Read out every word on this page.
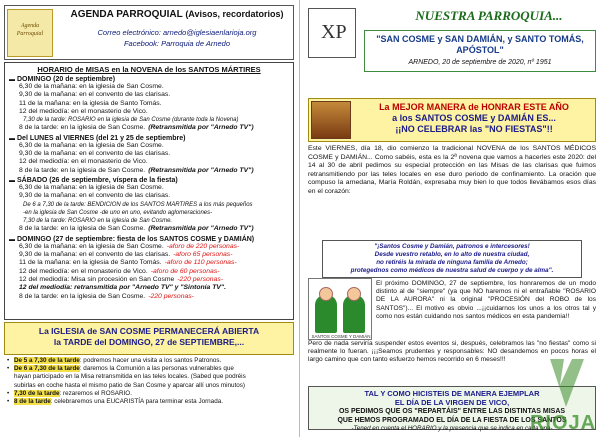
Agenda Parroquial
AGENDA PARROQUIAL (Avisos, recordatorios)
Correo electrónico: arnedo@iglesiaenlarioja.org
Facebook: Parroquia de Arnedo
HORARIO de MISAS en la NOVENA de los SANTOS MÁRTIRES
▬ DOMINGO (20 de septiembre)
6,30 de la mañana: en la iglesia de San Cosme.
9,30 de la mañana: en el convento de las clarisas.
11 de la mañana: en la iglesia de Santo Tomás.
12 del mediodía: en el monasterio de Vico.
7,30 de la tarde: ROSARIO en la iglesia de San Cosme (durante toda la Novena)
8 de la tarde: en la iglesia de San Cosme. (Retransmitida por "Arnedo TV")
▬ Del LUNES al VIERNES (del 21 y 25 de septiembre)
6,30 de la mañana: en la iglesia de San Cosme.
9,30 de la mañana: en el convento de las clarisas.
12 del mediodía: en el monasterio de Vico.
8 de la tarde: en la iglesia de San Cosme. (Retransmitida por "Arnedo TV")
▬ SÁBADO (26 de septiembre, víspera de la fiesta)
6,30 de la mañana: en la iglesia de San Cosme.
9,30 de la mañana: en el convento de las clarisas.
De 6 a 7,30 de la tarde: BENDICIÓN de los SANTOS MÁRTIRES a los más pequeños
-en la iglesia de San Cosme -de uno en uno, evitando aglomeraciones-
7,30 de la tarde: ROSARIO en la iglesia de San Cosme.
8 de la tarde: en la iglesia de San Cosme. (Retransmitida por "Arnedo TV")
▬ DOMINGO (27 de septiembre: fiesta de los SANTOS COSME y DAMIÁN)
6,30 de la mañana: en la iglesia de San Cosme. -aforo de 220 personas-
9,30 de la mañana: en el convento de las clarisas. -aforo 65 personas-
11 de la mañana: en la iglesia de Santo Tomás. -aforo de 110 personas-
12 del mediodía: en el monasterio de Vico. -aforo de 60 personas-
12 del mediodía: Misa sin procesión en San Cosme -220 personas-
12 del mediodía: retransmitida por "Arnedo TV" y "Sintonía TV".
8 de la tarde: en la iglesia de San Cosme. -220 personas-
La IGLESIA de SAN COSME PERMANECERÁ ABIERTA
la TARDE del DOMINGO, 27 de SEPTIEMBRE,...
• De 5 a 7,30 de la tarde: podremos hacer una visita a los santos Patronos.
• De 6 a 7,30 de la tarde: daremos la Comunión a las personas vulnerables que
hayan participado en la Misa retransmitida en las teles locales. (Sabed que podréis
subirlas en coche hasta el mismo patio de San Cosme y aparcar allí unos minutos)
• 7,30 de la tarde: rezaremos el ROSARIO.
• 8 de la tarde: celebraremos una EUCARISTÍA para terminar esta Jornada.
XP
NUESTRA PARROQUIA...
"SAN COSME y SAN DAMIÁN, y SANTO TOMÁS, APÓSTOL"
ARNEDO, 20 de septiembre de 2020, nº 1951
La MEJOR MANERA de HONRAR ESTE AÑO
a los SANTOS COSME y DAMIÁN ES...
¡¡NO CELEBRAR las "NO FIESTAS"!!
Este VIERNES, día 18, dio comienzo la tradicional NOVENA de los SANTOS MÉDICOS COSME y DAMIÁN... Como sabéis, esta es la 2ª novena que vamos a hacerles este 2020: del 14 al 30 de abril pedimos su especial protección en las Misas de las clarisas que fuimos retransmitiendo por las teles locales en ese duro periodo de confinamiento. La oración que compuso la arnedana, María Roldán, expresaba muy bien lo que todos llevábamos esos días en el corazón:
"¡Santos Cosme y Damián, patronos e intercesores!
Desde vuestro retablo, en lo alto de nuestra ciudad,
no retiréis la mirada de ninguna familia de Arnedo;
protegednos como médicos de nuestra salud de cuerpo y de alma".
SANTOS COSME Y DAMIÁN
El próximo DOMINGO, 27 de septiembre, los honraremos de un modo distinto al de "siempre" (ya que NO haremos ni el entrañable "ROSARIO DE LA AURORA" ni la original "PROCESIÓN del ROBO de los SANTOS")... El motivo es obvio ...¡¡cuidarnos los unos a los otros tal y como nos están cuidando nos santos médicos en esta pandemia!!
Pero de nada serviría suspender estos eventos si, después, celebramos las "no fiestas" como si realmente lo fueran. ¡¡¡Seamos prudentes y responsables: NO desandemos en pocos horas el largo camino que con tanto esfuerzo hemos recorrido en 6 meses!!!
TAL Y COMO HICISTEIS DE MANERA EJEMPLAR
EL DÍA DE LA VIRGEN DE VICO,
OS PEDIMOS QUE OS "REPARTÁIS" ENTRE LAS DISTINTAS MISAS
QUE HEMOS PROGRAMADO EL DÍA DE LA FIESTA DE LOS SANTOS
-Tened en cuenta el HORARIO y la presencia que se indica en cada una-
RIOJA
